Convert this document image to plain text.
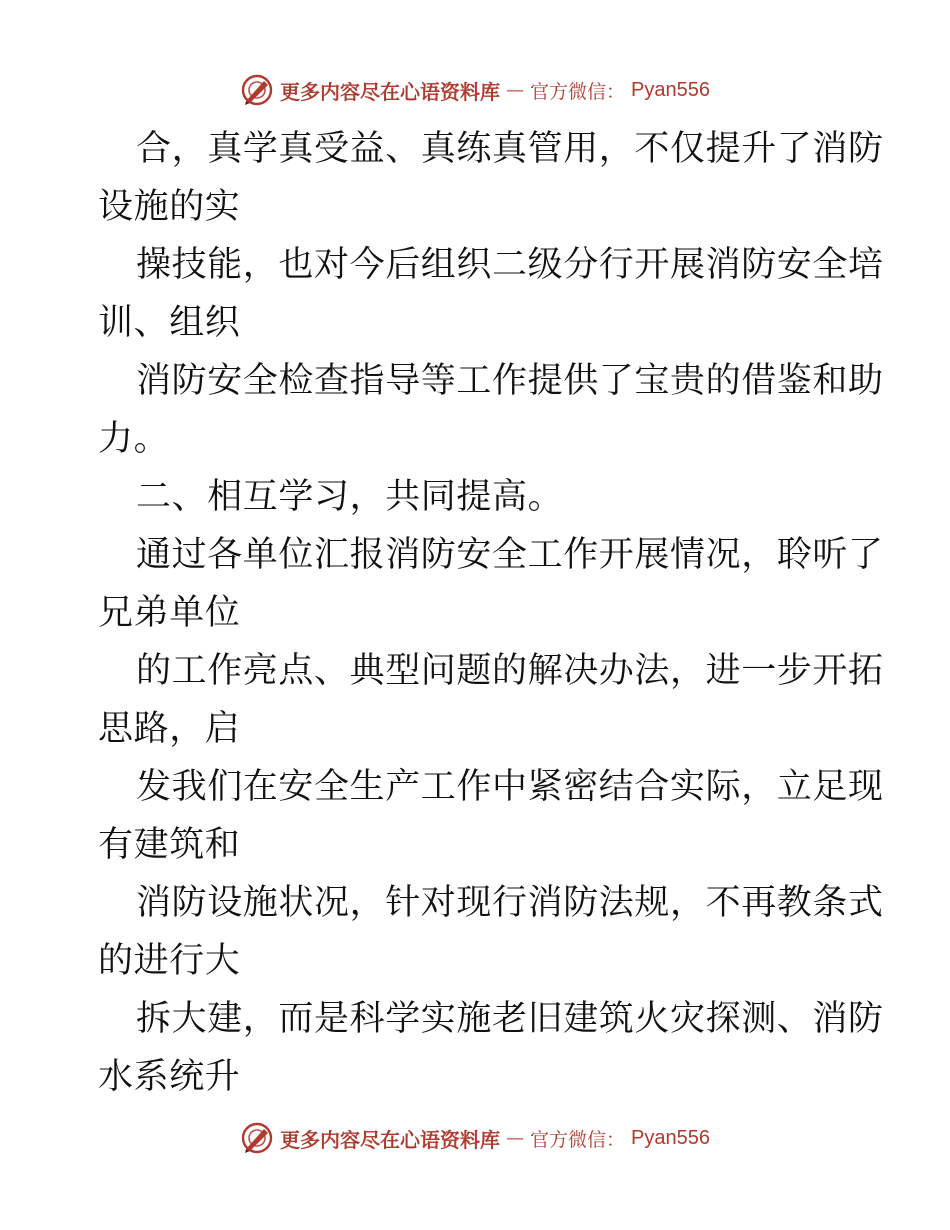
更多内容尽在心语资料库 — 官方微信： Pyan556
合，真学真受益、真练真管用，不仅提升了消防
设施的实
操技能，也对今后组织二级分行开展消防安全培
训、组织
消防安全检查指导等工作提供了宝贵的借鉴和助
力。
二、相互学习，共同提高。
通过各单位汇报消防安全工作开展情况，聆听了
兄弟单位
的工作亮点、典型问题的解决办法，进一步开拓
思路，启
发我们在安全生产工作中紧密结合实际，立足现
有建筑和
消防设施状况，针对现行消防法规，不再教条式
的进行大
拆大建，而是科学实施老旧建筑火灾探测、消防
水系统升
更多内容尽在心语资料库 — 官方微信： Pyan556
